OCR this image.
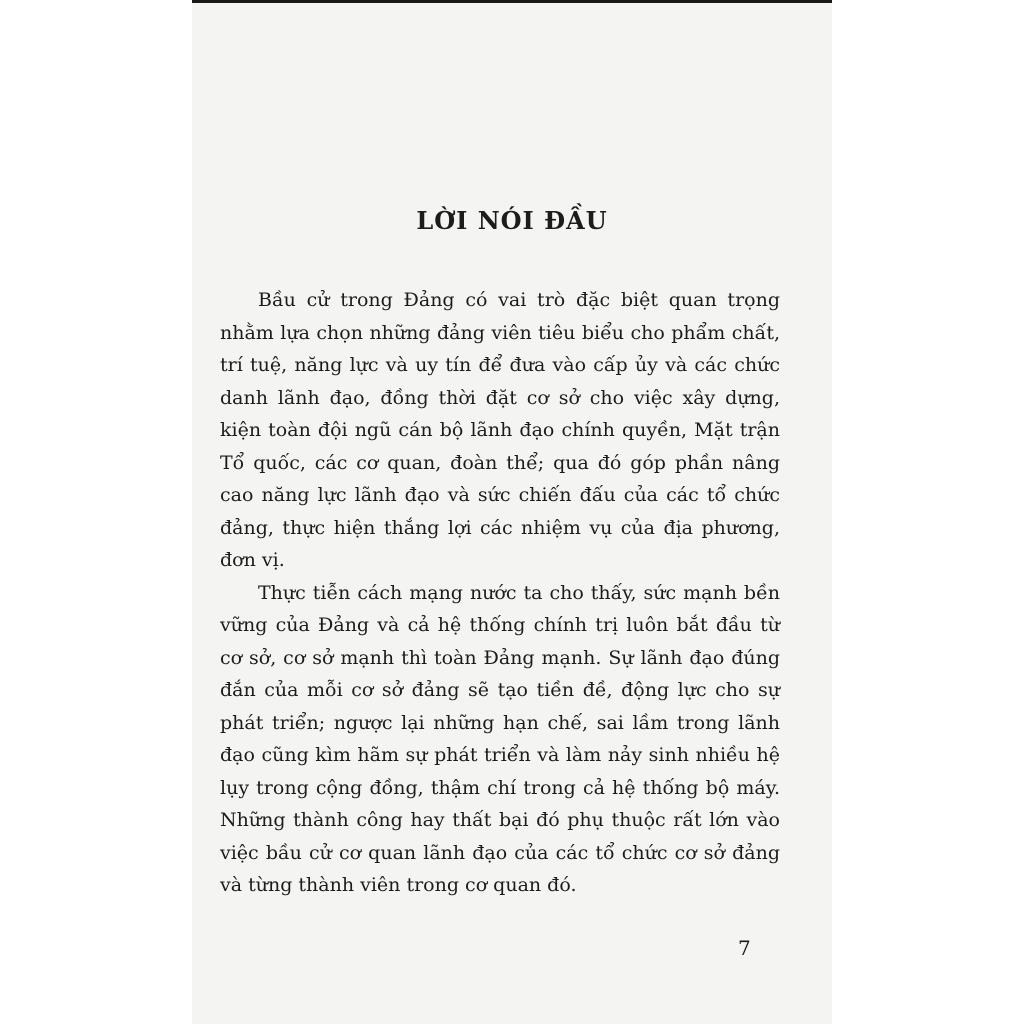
LỜI NÓI ĐẦU

Bầu cử trong Đảng có vai trò đặc biệt quan trọng nhằm lựa chọn những đảng viên tiêu biểu cho phẩm chất, trí tuệ, năng lực và uy tín để đưa vào cấp ủy và các chức danh lãnh đạo, đồng thời đặt cơ sở cho việc xây dựng, kiện toàn đội ngũ cán bộ lãnh đạo chính quyền, Mặt trận Tổ quốc, các cơ quan, đoàn thể; qua đó góp phần nâng cao năng lực lãnh đạo và sức chiến đấu của các tổ chức đảng, thực hiện thắng lợi các nhiệm vụ của địa phương, đơn vị.

Thực tiễn cách mạng nước ta cho thấy, sức mạnh bền vững của Đảng và cả hệ thống chính trị luôn bắt đầu từ cơ sở, cơ sở mạnh thì toàn Đảng mạnh. Sự lãnh đạo đúng đắn của mỗi cơ sở đảng sẽ tạo tiền đề, động lực cho sự phát triển; ngược lại những hạn chế, sai lầm trong lãnh đạo cũng kìm hãm sự phát triển và làm nảy sinh nhiều hệ lụy trong cộng đồng, thậm chí trong cả hệ thống bộ máy. Những thành công hay thất bại đó phụ thuộc rất lớn vào việc bầu cử cơ quan lãnh đạo của các tổ chức cơ sở đảng và từng thành viên trong cơ quan đó.

7
